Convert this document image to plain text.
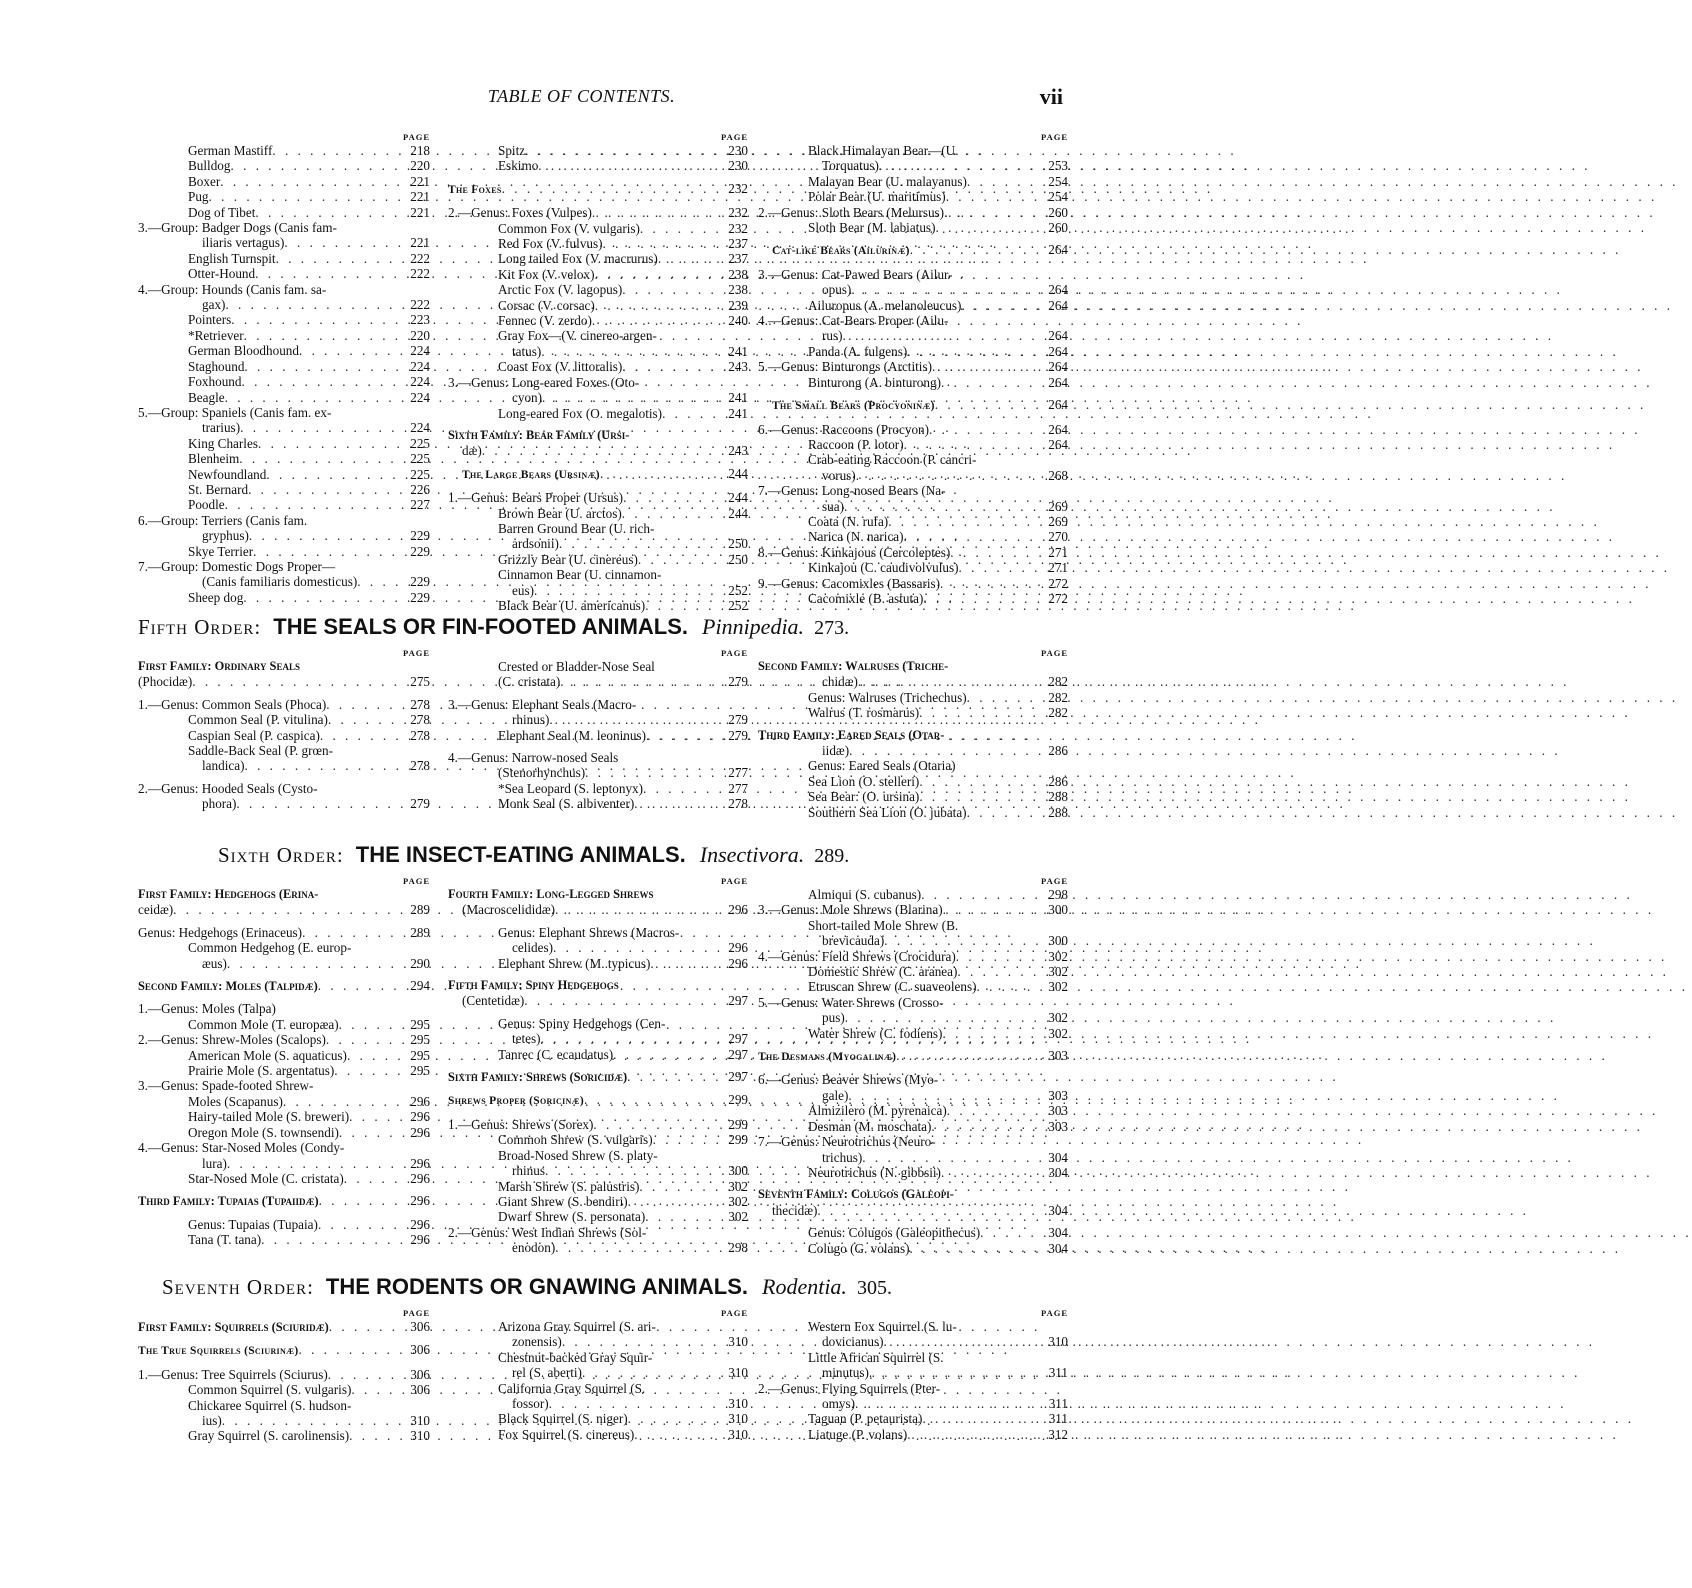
TABLE OF CONTENTS.	vii
PAGE
German Mastiff . . .	218
Bulldog . . .	220
Boxer . . .	221
Pug . . .	221
Dog of Tibet . . .	221
3.—Group: Badger Dogs (Canis fam-
iliaris vertagus) . . .	221
English Turnspit . . .	222
Otter-Hound . . .	222
4.—Group: Hounds (Canis fam. sa-
gax) . . .	222
Pointers . . .	223
*Retriever . . .	220
German Bloodhound . . .	224
Staghound . . .	224
Foxhound . . .	224
Beagle . . .	224
5.—Group: Spaniels (Canis fam. ex-
trarius) . . .	224
King Charles . . .	225
Blenheim . . .	225
Newfoundland . . .	225
St. Bernard . . .	226
Poodle . . .	227
6.—Group: Terriers (Canis fam.
gryphus) . . .	229
Skye Terrier . . .	229
7.—Group: Domestic Dogs Proper—
(Canis familiaris domesticus) . . .	229
Sheep dog . . .	229
PAGE
Spitz . . .	230
Eskimo . . .	230
The Foxes . . .	232
2.—Genus: Foxes (Vulpes) . . .	232
Common Fox (V. vulgaris) . . .	232
Red Fox (V. fulvus) . . .	237
Long tailed Fox (V. macrurus) . . .	237
Kit Fox (V. velox) . . .	238
Arctic Fox (V. lagopus) . . .	238
Corsac (V. corsac) . . .	239
Fennec (V. zerdo) . . .	240
Gray Fox—(V. cinereo-argen-
tatus) . . .	241
Coast Fox (V. littoralis) . . .	243
3.—Genus: Long-eared Foxes (Oto-
cyon) . . .	241
Long-eared Fox (O. megalotis) . . .	241
Sixth Family: Bear Family (Ursi-
dæ) . . .	243
The Large Bears (Ursinæ) . . .	244
1.—Genus: Bears Proper (Ursus) . . .	244
Brown Bear (U. arctos) . . .	244
Barren Ground Bear (U. rich-
ardsonii) . . .	250
Grizzly Bear (U. cinereus) . . .	250
Cinnamon Bear (U. cinnamon-
eus) . . .	252
Black Bear (U. americanus) . . .	252
PAGE
Black Himalayan Bear—(U.
Torquatus) . . .	253
Malayan Bear (U. malayanus) . . .	254
Polar Bear (U. maritimus) . . .	254
2.—Genus: Sloth Bears (Melursus) . . .	260
Sloth Bear (M. labiatus) . . .	260
Cat-like Bears (Ailurinæ) . . .	264
3.—Genus: Cat-Pawed Bears (Ailur-
opus) . . .	264
Ailuropus (A. melanoleucus) . . .	264
4.—Genus: Cat-Bears Proper (Ailu-
rus) . . .	264
Panda (A. fulgens) . . .	264
5.—Genus: Binturongs (Arctitis) . . .	264
Binturong (A. binturong) . . .	264
The Small Bears (Procyoninæ) . . .	264
6.—Genus: Raccoons (Procyon) . . .	264
Raccoon (P. lotor) . . .	264
Crab-eating Raccoon (P. cancri-
vorus) . . .	268
7.—Genus: Long-nosed Bears (Na-
sua) . . .	269
Coata (N. rufa) . . .	269
Narica (N. narica) . . .	270
8.—Genus: Kinkajous (Cercoleptes) . . .	271
Kinkajou (C. caudivolvulus) . . .	271
9.—Genus: Cacomixles (Bassaris) . . .	272
Cacomixle (B. astuta) . . .	272
Fifth Order: THE SEALS OR FIN-FOOTED ANIMALS. Pinnipedia. 273.
PAGE
First Family: Ordinary Seals
(Phocidæ) . . .	275
1.—Genus: Common Seals (Phoca) . . .	278
Common Seal (P. vitulina) . . .	278
Caspian Seal (P. caspica) . . .	278
Saddle-Back Seal (P. grœn-
landica) . . .	278
2.—Genus: Hooded Seals (Cysto-
phora) . . .	279
PAGE
Crested or Bladder-Nose Seal
(C. cristata) . . .	279
3.—Genus: Elephant Seals (Macro-
rhinus) . . .	279
Elephant Seal (M. leoninus) . . .	279
4.—Genus: Narrow-nosed Seals
(Stenorhynchus) . . .	277
*Sea Leopard (S. leptonyx) . . .	277
Monk Seal (S. albiventer) . . .	278
PAGE
Second Family: Walruses (Triche-
chidæ) . . .	282
Genus: Walruses (Trichechus) . . .	282
Walrus (T. rosmarus) . . .	282
Third Family: Eared Seals (Otar-
iidæ) . . .	286
Genus: Eared Seals (Otaria)
Sea Lion (O. stelleri) . . .	286
Sea Bear: (O. ursina) . . .	288
Southern Sea Lion (O. jubata) . . .	288
Sixth Order: THE INSECT-EATING ANIMALS. Insectivora. 289.
PAGE
First Family: Hedgehogs (Erina-
ceidæ) . . .	289
Genus: Hedgehogs (Erinaceus) . . .	289
Common Hedgehog (E. europ-
æus) . . .	290
Second Family: Moles (Talpidæ) . . .	294
1.—Genus: Moles (Talpa)
Common Mole (T. europæa) . . .	295
2.—Genus: Shrew-Moles (Scalops) . . .	295
American Mole (S. aquaticus) . . .	295
Prairie Mole (S. argentatus) . . .	295
3.—Genus: Spade-footed Shrew-
Moles (Scapanus) . . .	296
Hairy-tailed Mole (S. breweri) . . .	296
Oregon Mole (S. townsendi) . . .	296
4.—Genus: Star-Nosed Moles (Condy-
lura) . . .	296
Star-Nosed Mole (C. cristata) . . .	296
Third Family: Tupaias (Tupaiidæ) . . .	296
Genus: Tupaias (Tupaia) . . .	296
Tana (T. tana) . . .	296
PAGE
Fourth Family: Long-Legged Shrews
(Macroscelididæ) . . .	296
Genus: Elephant Shrews (Macros-
celides) . . .	296
Elephant Shrew (M. typicus) . . .	296
Fifth Family: Spiny Hedgehogs
(Centetidæ) . . .	297
Genus: Spiny Hedgehogs (Cen-
tetes) . . .	297
Tanrec (C. ecaudatus) . . .	297
Sixth Family: Shrews (Soricidæ) . . .	297
Shrews Proper (Soricinæ) . . .	299
1.—Genus: Shrews (Sorex) . . .	299
Common Shrew (S. vulgaris) . . .	299
Broad-Nosed Shrew (S. platy-
rhinus . . .	300
Marsh Shrew (S. palustris) . . .	302
Giant Shrew (S. bendiri) . . .	302
Dwarf Shrew (S. personata) . . .	302
2.—Genus: West Indian Shrews (Sol-
enodon) . . .	298
PAGE
Almiqui (S. cubanus) . . .	298
3.—Genus: Mole Shrews (Blarina) . . .	300
Short-tailed Mole Shrew (B.
brevicauda) . . .	300
4.—Genus: Field Shrews (Crocidura) . . .	302
Domestic Shrew (C. aranea) . . .	302
Etruscan Shrew (C. suaveolens) . . .	302
5.—Genus: Water Shrews (Crosso-
pus) . . .	302
Water Shrew (C. fodiens) . . .	302
The Desmans (Myogalinæ) . . .	303
6.—Genus: Beaver Shrews (Myo-
gale) . . .	303
Almizilero (M. pyrenaica) . . .	303
Desman (M. moschata) . . .	303
7.—Genus: Neurotrichus (Neuro-
trichus) . . .	304
Neurotrichus (N. gibbsii) . . .	304
Seventh Family: Colugos (Galeopi-
thecidæ) . . .	304
Genus: Colugos (Galeopithecus) . . .	304
Colugo (G. volans) . . .	304
Seventh Order: THE RODENTS OR GNAWING ANIMALS. Rodentia. 305.
PAGE
First Family: Squirrels (Sciuridæ) . . .	306
The True Squirrels (Sciurinæ) . . .	306
1.—Genus: Tree Squirrels (Sciurus) . . .	306
Common Squirrel (S. vulgaris) . . .	306
Chickaree Squirrel (S. hudson-
ius) . . .	310
Gray Squirrel (S. carolinensis) . . .	310
PAGE
Arizona Gray Squirrel (S. ari-
zonensis) . . .	310
Chestnut-backed Gray Squir-
rel (S. aberti) . . .	310
California Gray Squirrel (S.
fossor) . . .	310
Black Squirrel (S. niger) . . .	310
Fox Squirrel (S. cinereus) . . .	310
PAGE
Western Fox Squirrel (S. lu-
dovicianus) . . .	310
Little African Squirrel (S.
minutus) . . .	311
2.—Genus: Flying Squirrels (Pter-
omys) . . .	311
Taguan (P. petaurista) . . .	311
Liatuge (P. volans) . . .	312
